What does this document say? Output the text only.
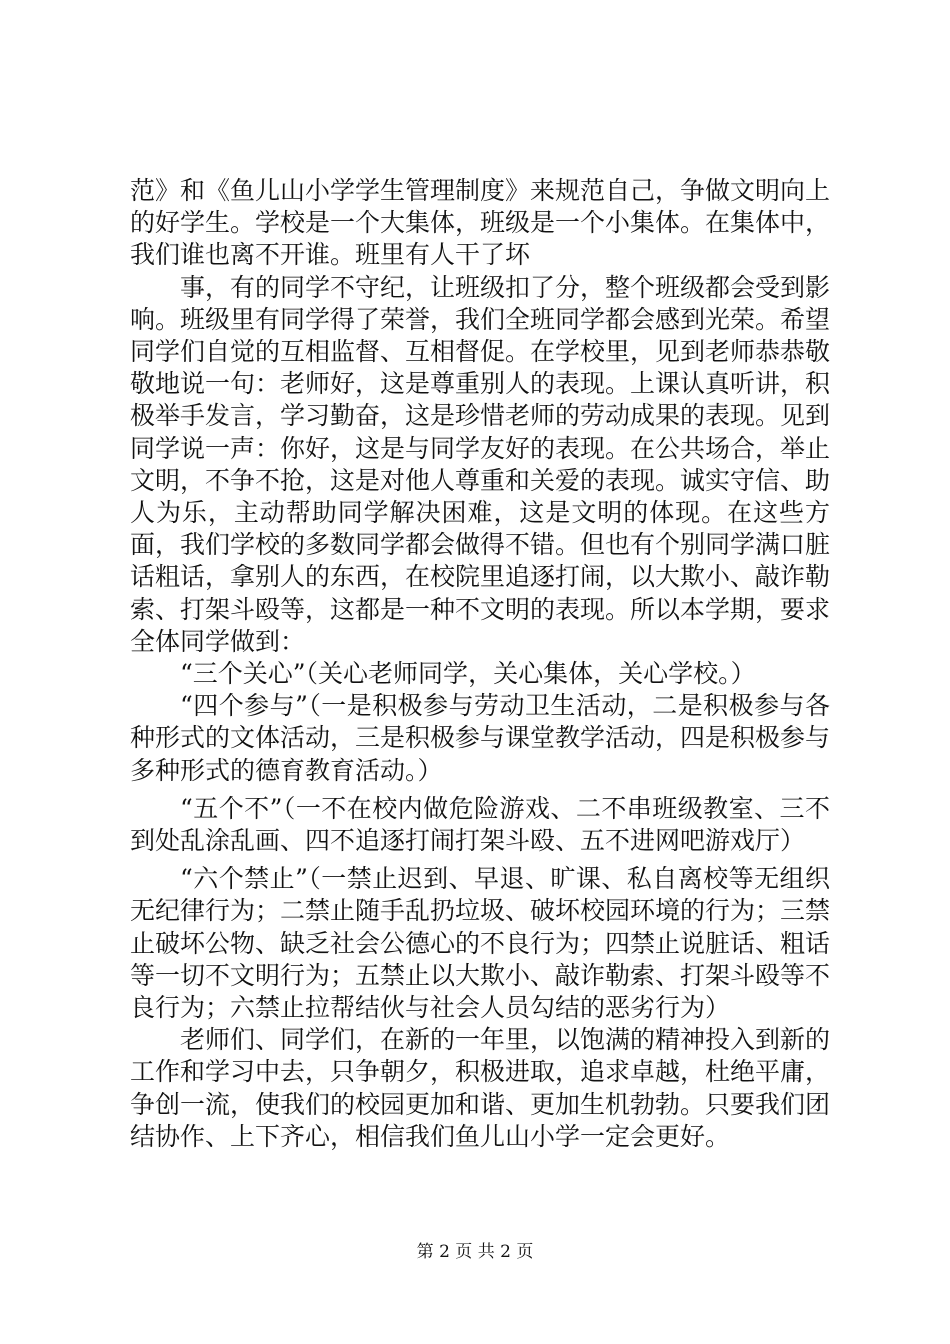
范》和《鱼儿山小学学生管理制度》来规范自己，争做文明向上的好学生。学校是一个大集体，班级是一个小集体。在集体中，我们谁也离不开谁。班里有人干了坏

事，有的同学不守纪，让班级扣了分，整个班级都会受到影响。班级里有同学得了荣誉，我们全班同学都会感到光荣。希望同学们自觉的互相监督、互相督促。在学校里，见到老师恭恭敬敬地说一句：老师好，这是尊重别人的表现。上课认真听讲，积极举手发言，学习勤奋，这是珍惜老师的劳动成果的表现。见到同学说一声：你好，这是与同学友好的表现。在公共场合，举止文明，不争不抢，这是对他人尊重和关爱的表现。诚实守信、助人为乐，主动帮助同学解决困难，这是文明的体现。在这些方面，我们学校的多数同学都会做得不错。但也有个别同学满口脏话粗话，拿别人的东西，在校院里追逐打闹，以大欺小、敲诈勒索、打架斗殴等，这都是一种不文明的表现。所以本学期，要求全体同学做到：

“三个关心”（关心老师同学，关心集体，关心学校。）

“四个参与”（一是积极参与劳动卫生活动，二是积极参与各种形式的文体活动，三是积极参与课堂教学活动，四是积极参与多种形式的德育教育活动。）

“五个不”（一不在校内做危险游戏、二不串班级教室、三不到处乱涂乱画、四不追逐打闹打架斗殴、五不进网吧游戏厅）

“六个禁止”（一禁止迟到、早退、旷课、私自离校等无组织无纪律行为；二禁止随手乱扔垃圾、破坏校园环境的行为；三禁止破坏公物、缺乏社会公德心的不良行为；四禁止说脏话、粗话等一切不文明行为；五禁止以大欺小、敲诈勒索、打架斗殴等不良行为；六禁止拉帮结伙与社会人员勾结的恶劣行为）

老师们、同学们，在新的一年里，以饱满的精神投入到新的工作和学习中去，只争朝夕，积极进取，追求卓越，杜绝平庸，争创一流，使我们的校园更加和谐、更加生机勃勃。只要我们团结协作、上下齐心，相信我们鱼儿山小学一定会更好。

第 2 页 共 2 页
